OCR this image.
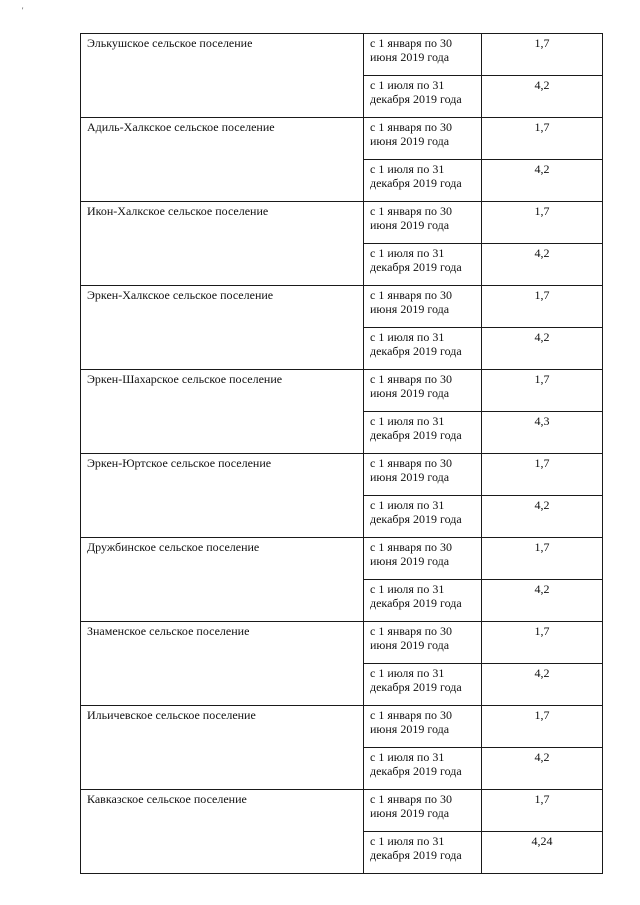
'
Элькушское сельское поселение	с 1 января по 30 июня 2019 года	1,7
	с 1 июля по 31 декабря 2019 года	4,2
Адиль-Халкское сельское поселение	с 1 января по 30 июня 2019 года	1,7
	с 1 июля по 31 декабря 2019 года	4,2
Икон-Халкское сельское поселение	с 1 января по 30 июня 2019 года	1,7
	с 1 июля по 31 декабря 2019 года	4,2
Эркен-Халкское сельское поселение	с 1 января по 30 июня 2019 года	1,7
	с 1 июля по 31 декабря 2019 года	4,2
Эркен-Шахарское сельское поселение	с 1 января по 30 июня 2019 года	1,7
	с 1 июля по 31 декабря 2019 года	4,3
Эркен-Юртское сельское поселение	с 1 января по 30 июня 2019 года	1,7
	с 1 июля по 31 декабря 2019 года	4,2
Дружбинское сельское поселение	с 1 января по 30 июня 2019 года	1,7
	с 1 июля по 31 декабря 2019 года	4,2
Знаменское сельское поселение	с 1 января по 30 июня 2019 года	1,7
	с 1 июля по 31 декабря 2019 года	4,2
Ильичевское сельское поселение	с 1 января по 30 июня 2019 года	1,7
	с 1 июля по 31 декабря 2019 года	4,2
Кавказское сельское поселение	с 1 января по 30 июня 2019 года	1,7
	с 1 июля по 31 декабря 2019 года	4,24
